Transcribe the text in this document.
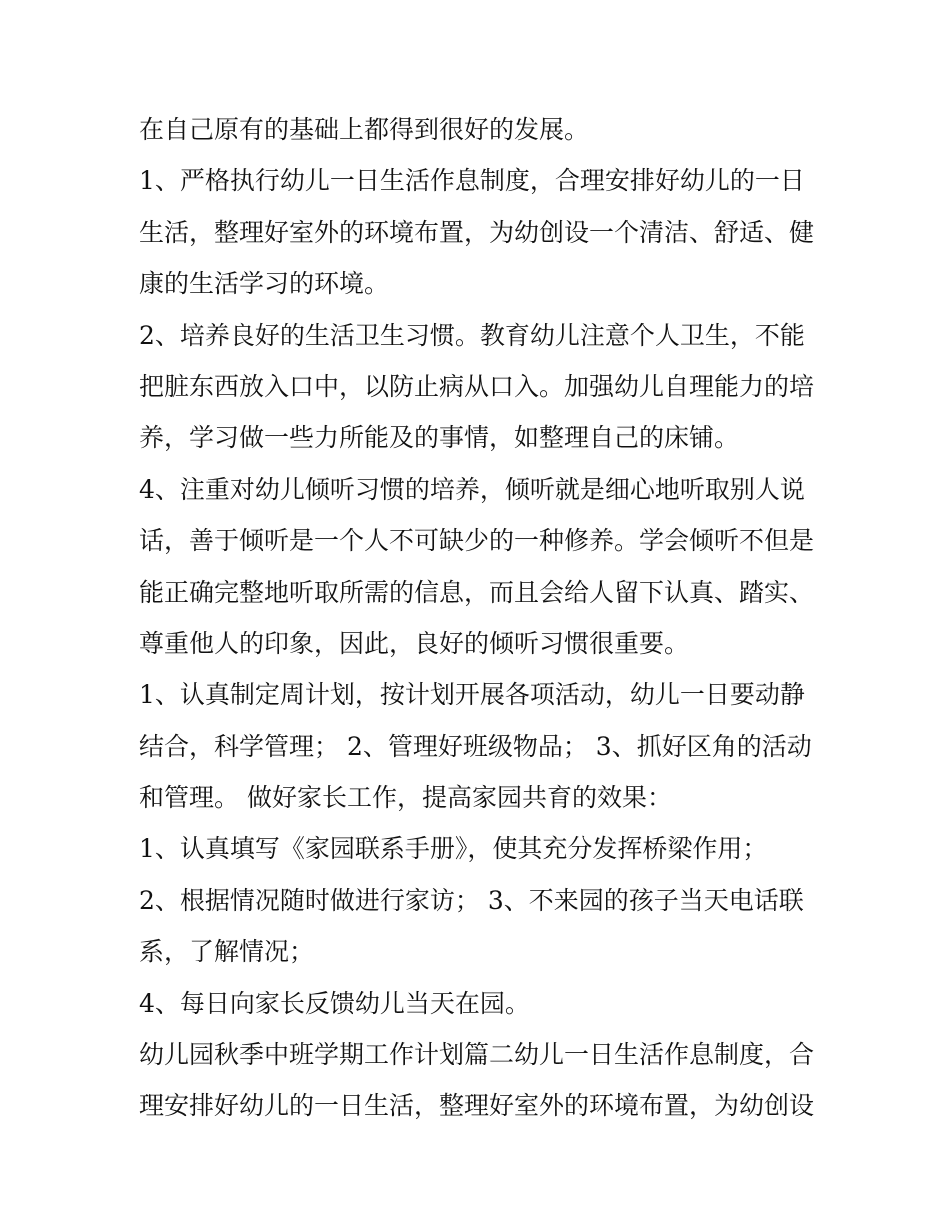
在自己原有的基础上都得到很好的发展。
1、严格执行幼儿一日生活作息制度，合理安排好幼儿的一日
生活，整理好室外的环境布置，为幼创设一个清洁、舒适、健
康的生活学习的环境。
2、培养良好的生活卫生习惯。教育幼儿注意个人卫生，不能
把脏东西放入口中，以防止病从口入。加强幼儿自理能力的培
养，学习做一些力所能及的事情，如整理自己的床铺。
4、注重对幼儿倾听习惯的培养，倾听就是细心地听取别人说
话，善于倾听是一个人不可缺少的一种修养。学会倾听不但是
能正确完整地听取所需的信息，而且会给人留下认真、踏实、
尊重他人的印象，因此，良好的倾听习惯很重要。
1、认真制定周计划，按计划开展各项活动，幼儿一日要动静
结合，科学管理； 2、管理好班级物品； 3、抓好区角的活动
和管理。 做好家长工作，提高家园共育的效果：
1、认真填写《家园联系手册》，使其充分发挥桥梁作用；
2、根据情况随时做进行家访； 3、不来园的孩子当天电话联
系，了解情况；
4、每日向家长反馈幼儿当天在园。
幼儿园秋季中班学期工作计划篇二幼儿一日生活作息制度，合
理安排好幼儿的一日生活，整理好室外的环境布置，为幼创设
